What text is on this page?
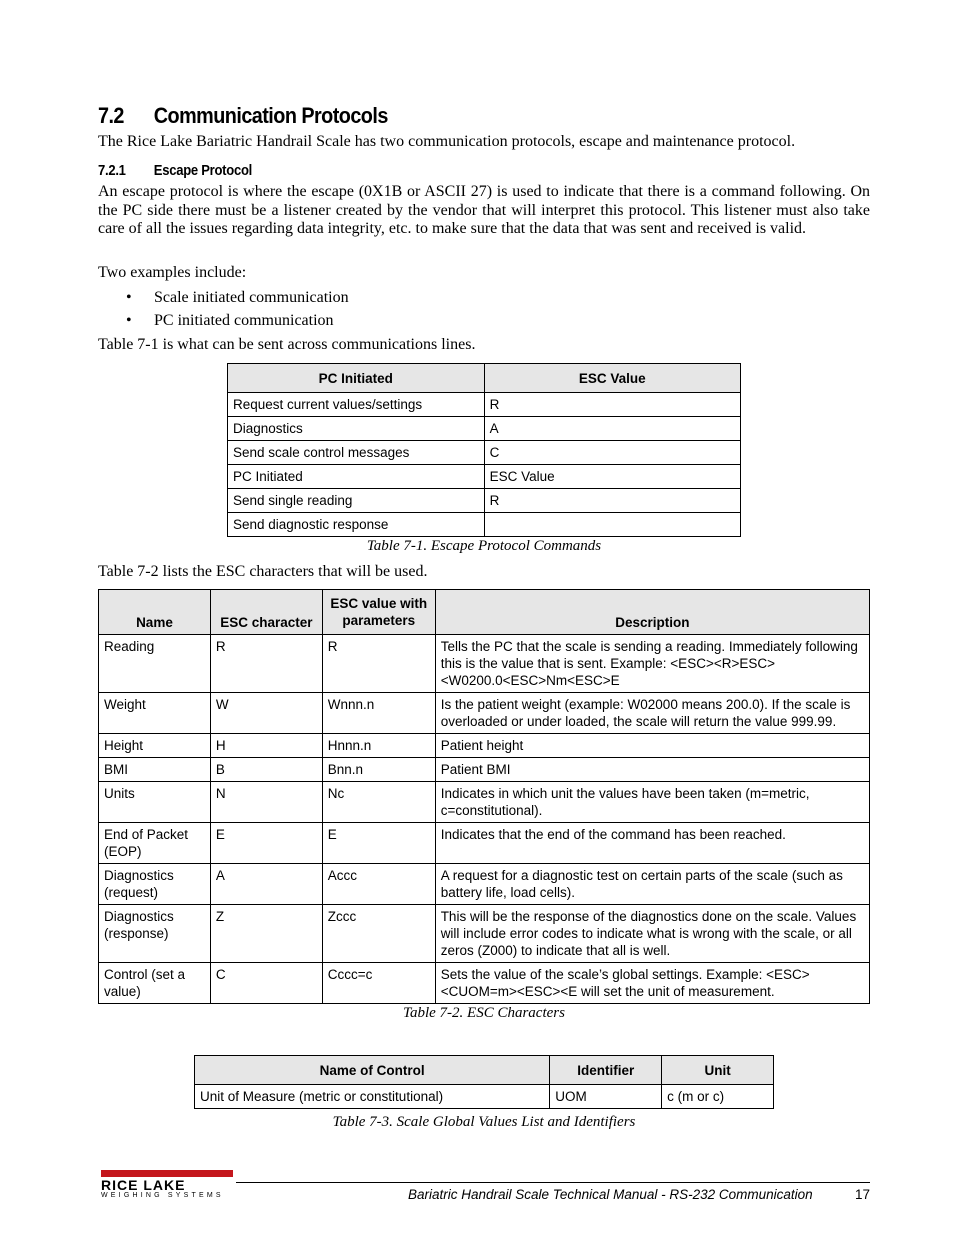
7.2 Communication Protocols

The Rice Lake Bariatric Handrail Scale has two communication protocols, escape and maintenance protocol.

7.2.1 Escape Protocol

An escape protocol is where the escape (0X1B or ASCII 27) is used to indicate that there is a command following. On the PC side there must be a listener created by the vendor that will interpret this protocol. This listener must also take care of all the issues regarding data integrity, etc. to make sure that the data that was sent and received is valid.

Two examples include:

• Scale initiated communication
• PC initiated communication

Table 7-1 is what can be sent across communications lines.

PC Initiated	ESC Value
Request current values/settings	R
Diagnostics	A
Send scale control messages	C
PC Initiated	ESC Value
Send single reading	R
Send diagnostic response	
Table 7-1. Escape Protocol Commands

Table 7-2 lists the ESC characters that will be used.

Name	ESC character	ESC value with parameters	Description
Reading	R	R	Tells the PC that the scale is sending a reading. Immediately following this is the value that is sent. Example: <ESC><R>ESC><W0200.0<ESC>Nm<ESC>E
Weight	W	Wnnn.n	Is the patient weight (example: W02000 means 200.0). If the scale is overloaded or under loaded, the scale will return the value 999.99.
Height	H	Hnnn.n	Patient height
BMI	B	Bnn.n	Patient BMI
Units	N	Nc	Indicates in which unit the values have been taken (m=metric, c=constitutional).
End of Packet (EOP)	E	E	Indicates that the end of the command has been reached.
Diagnostics (request)	A	Accc	A request for a diagnostic test on certain parts of the scale (such as battery life, load cells).
Diagnostics (response)	Z	Zccc	This will be the response of the diagnostics done on the scale. Values will include error codes to indicate what is wrong with the scale, or all zeros (Z000) to indicate that all is well.
Control (set a value)	C	Cccc=c	Sets the value of the scale’s global settings. Example: <ESC><CUOM=m><ESC><E will set the unit of measurement.
Table 7-2. ESC Characters
Name of Control	Identifier	Unit
Unit of Measure (metric or constitutional)	UOM	c (m or c)
Table 7-3. Scale Global Values List and Identifiers
RICE LAKE
WEIGHING SYSTEMS	Bariatric Handrail Scale Technical Manual - RS-232 Communication	17
